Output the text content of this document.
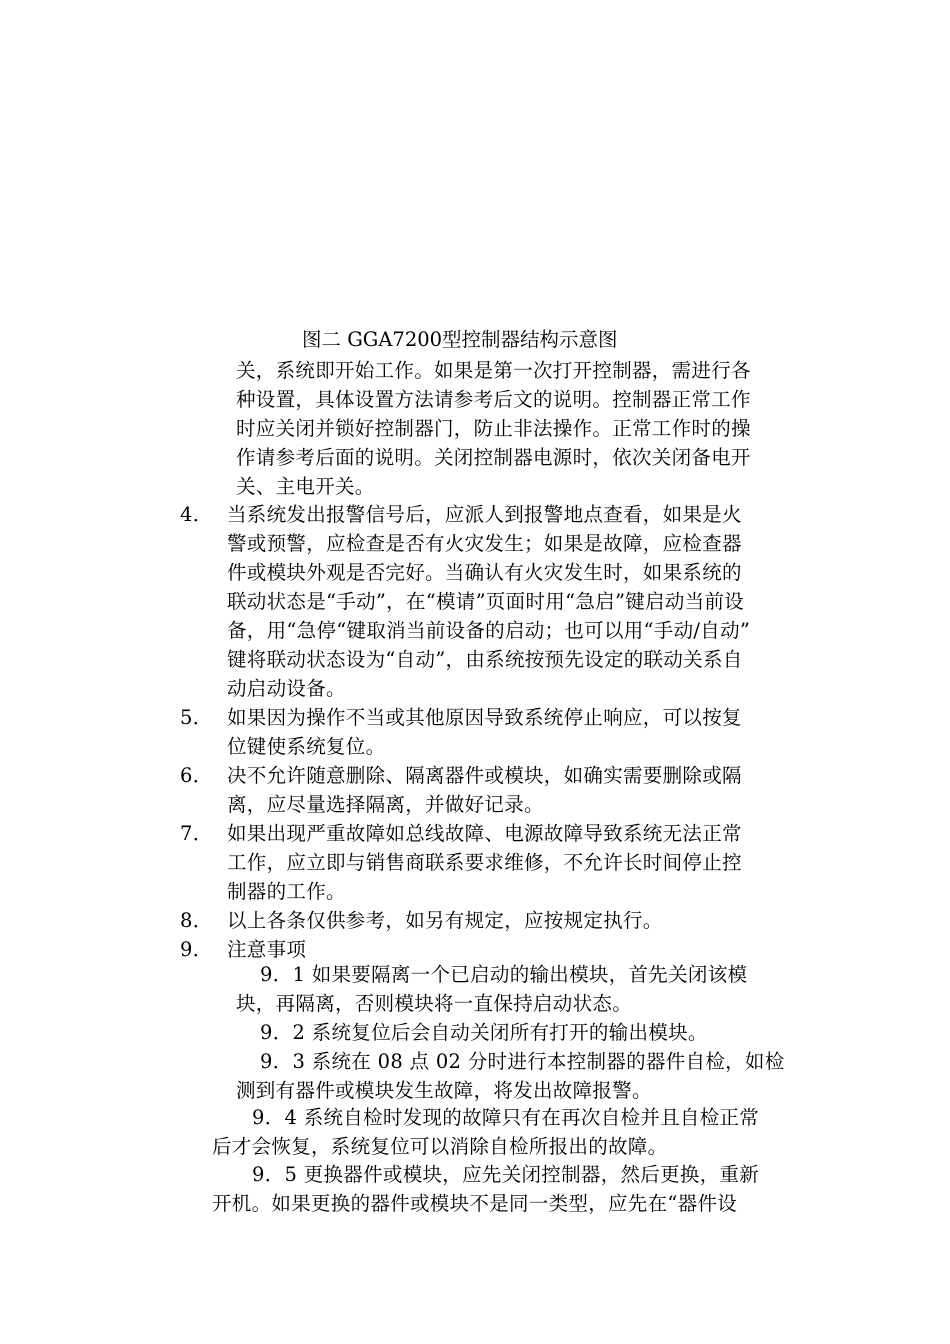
图二 GGA7200型控制器结构示意图
关，系统即开始工作。如果是第一次打开控制器，需进行各
种设置，具体设置方法请参考后文的说明。控制器正常工作
时应关闭并锁好控制器门，防止非法操作。正常工作时的操
作请参考后面的说明。关闭控制器电源时，依次关闭备电开
关、主电开关。
4． 当系统发出报警信号后，应派人到报警地点查看，如果是火
警或预警，应检查是否有火灾发生；如果是故障，应检查器
件或模块外观是否完好。当确认有火灾发生时，如果系统的
联动状态是“手动”，在“模请”页面时用“急启”键启动当前设
备，用“急停“键取消当前设备的启动；也可以用“手动/自动”
键将联动状态设为“自动”，由系统按预先设定的联动关系自
动启动设备。
5． 如果因为操作不当或其他原因导致系统停止响应，可以按复
位键使系统复位。
6． 决不允许随意删除、隔离器件或模块，如确实需要删除或隔
离，应尽量选择隔离，并做好记录。
7． 如果出现严重故障如总线故障、电源故障导致系统无法正常
工作，应立即与销售商联系要求维修，不允许长时间停止控
制器的工作。
8． 以上各条仅供参考，如另有规定，应按规定执行。
9． 注意事项
9．1 如果要隔离一个已启动的输出模块，首先关闭该模
块，再隔离，否则模块将一直保持启动状态。
9．2 系统复位后会自动关闭所有打开的输出模块。
9．3 系统在 08 点 02 分时进行本控制器的器件自检，如检
测到有器件或模块发生故障，将发出故障报警。
9．4 系统自检时发现的故障只有在再次自检并且自检正常
后才会恢复，系统复位可以消除自检所报出的故障。
9．5 更换器件或模块，应先关闭控制器，然后更换，重新
开机。如果更换的器件或模块不是同一类型，应先在“器件设
